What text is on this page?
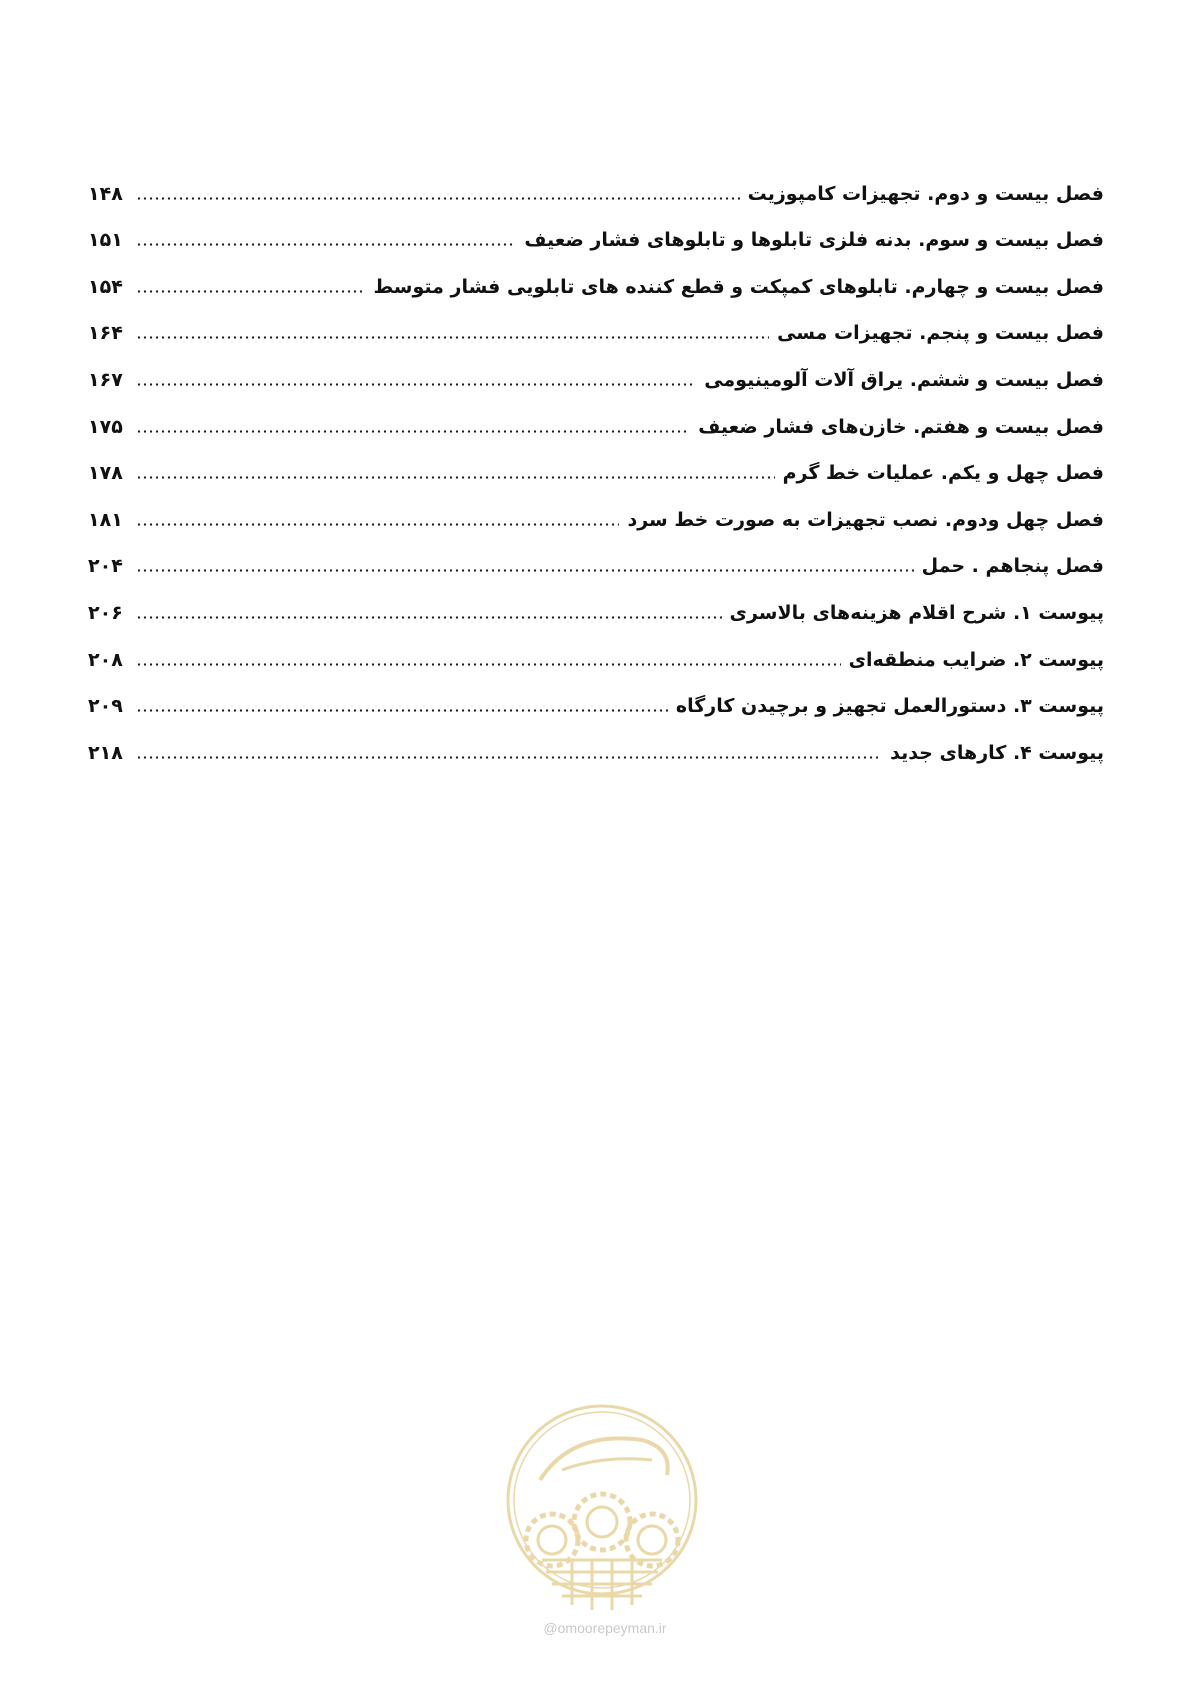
فصل بیست و دوم. تجهیزات کامپوزیت
۱۴۸
فصل بیست و سوم. بدنه فلزی تابلوها و تابلوهای فشار ضعیف
۱۵۱
فصل بیست و چهارم. تابلوهای کمپکت و قطع کننده های تابلویی فشار متوسط
۱۵۴
فصل بیست و پنجم. تجهیزات مسی
۱۶۴
فصل بیست و ششم. یراق آلات آلومینیومی
۱۶۷
فصل بیست و هفتم. خازن‌های فشار ضعیف
۱۷۵
فصل چهل و یکم. عملیات خط گرم
۱۷۸
فصل چهل ودوم. نصب تجهیزات به صورت خط سرد
۱۸۱
فصل پنجاهم . حمل
۲۰۴
پیوست ۱. شرح اقلام هزینه‌های بالاسری
۲۰۶
پیوست ۲. ضرایب منطقه‌ای
۲۰۸
پیوست ۳. دستورالعمل تجهیز و برچیدن کارگاه
۲۰۹
پیوست ۴. کارهای جدید
۲۱۸
@omoorepeyman.ir
